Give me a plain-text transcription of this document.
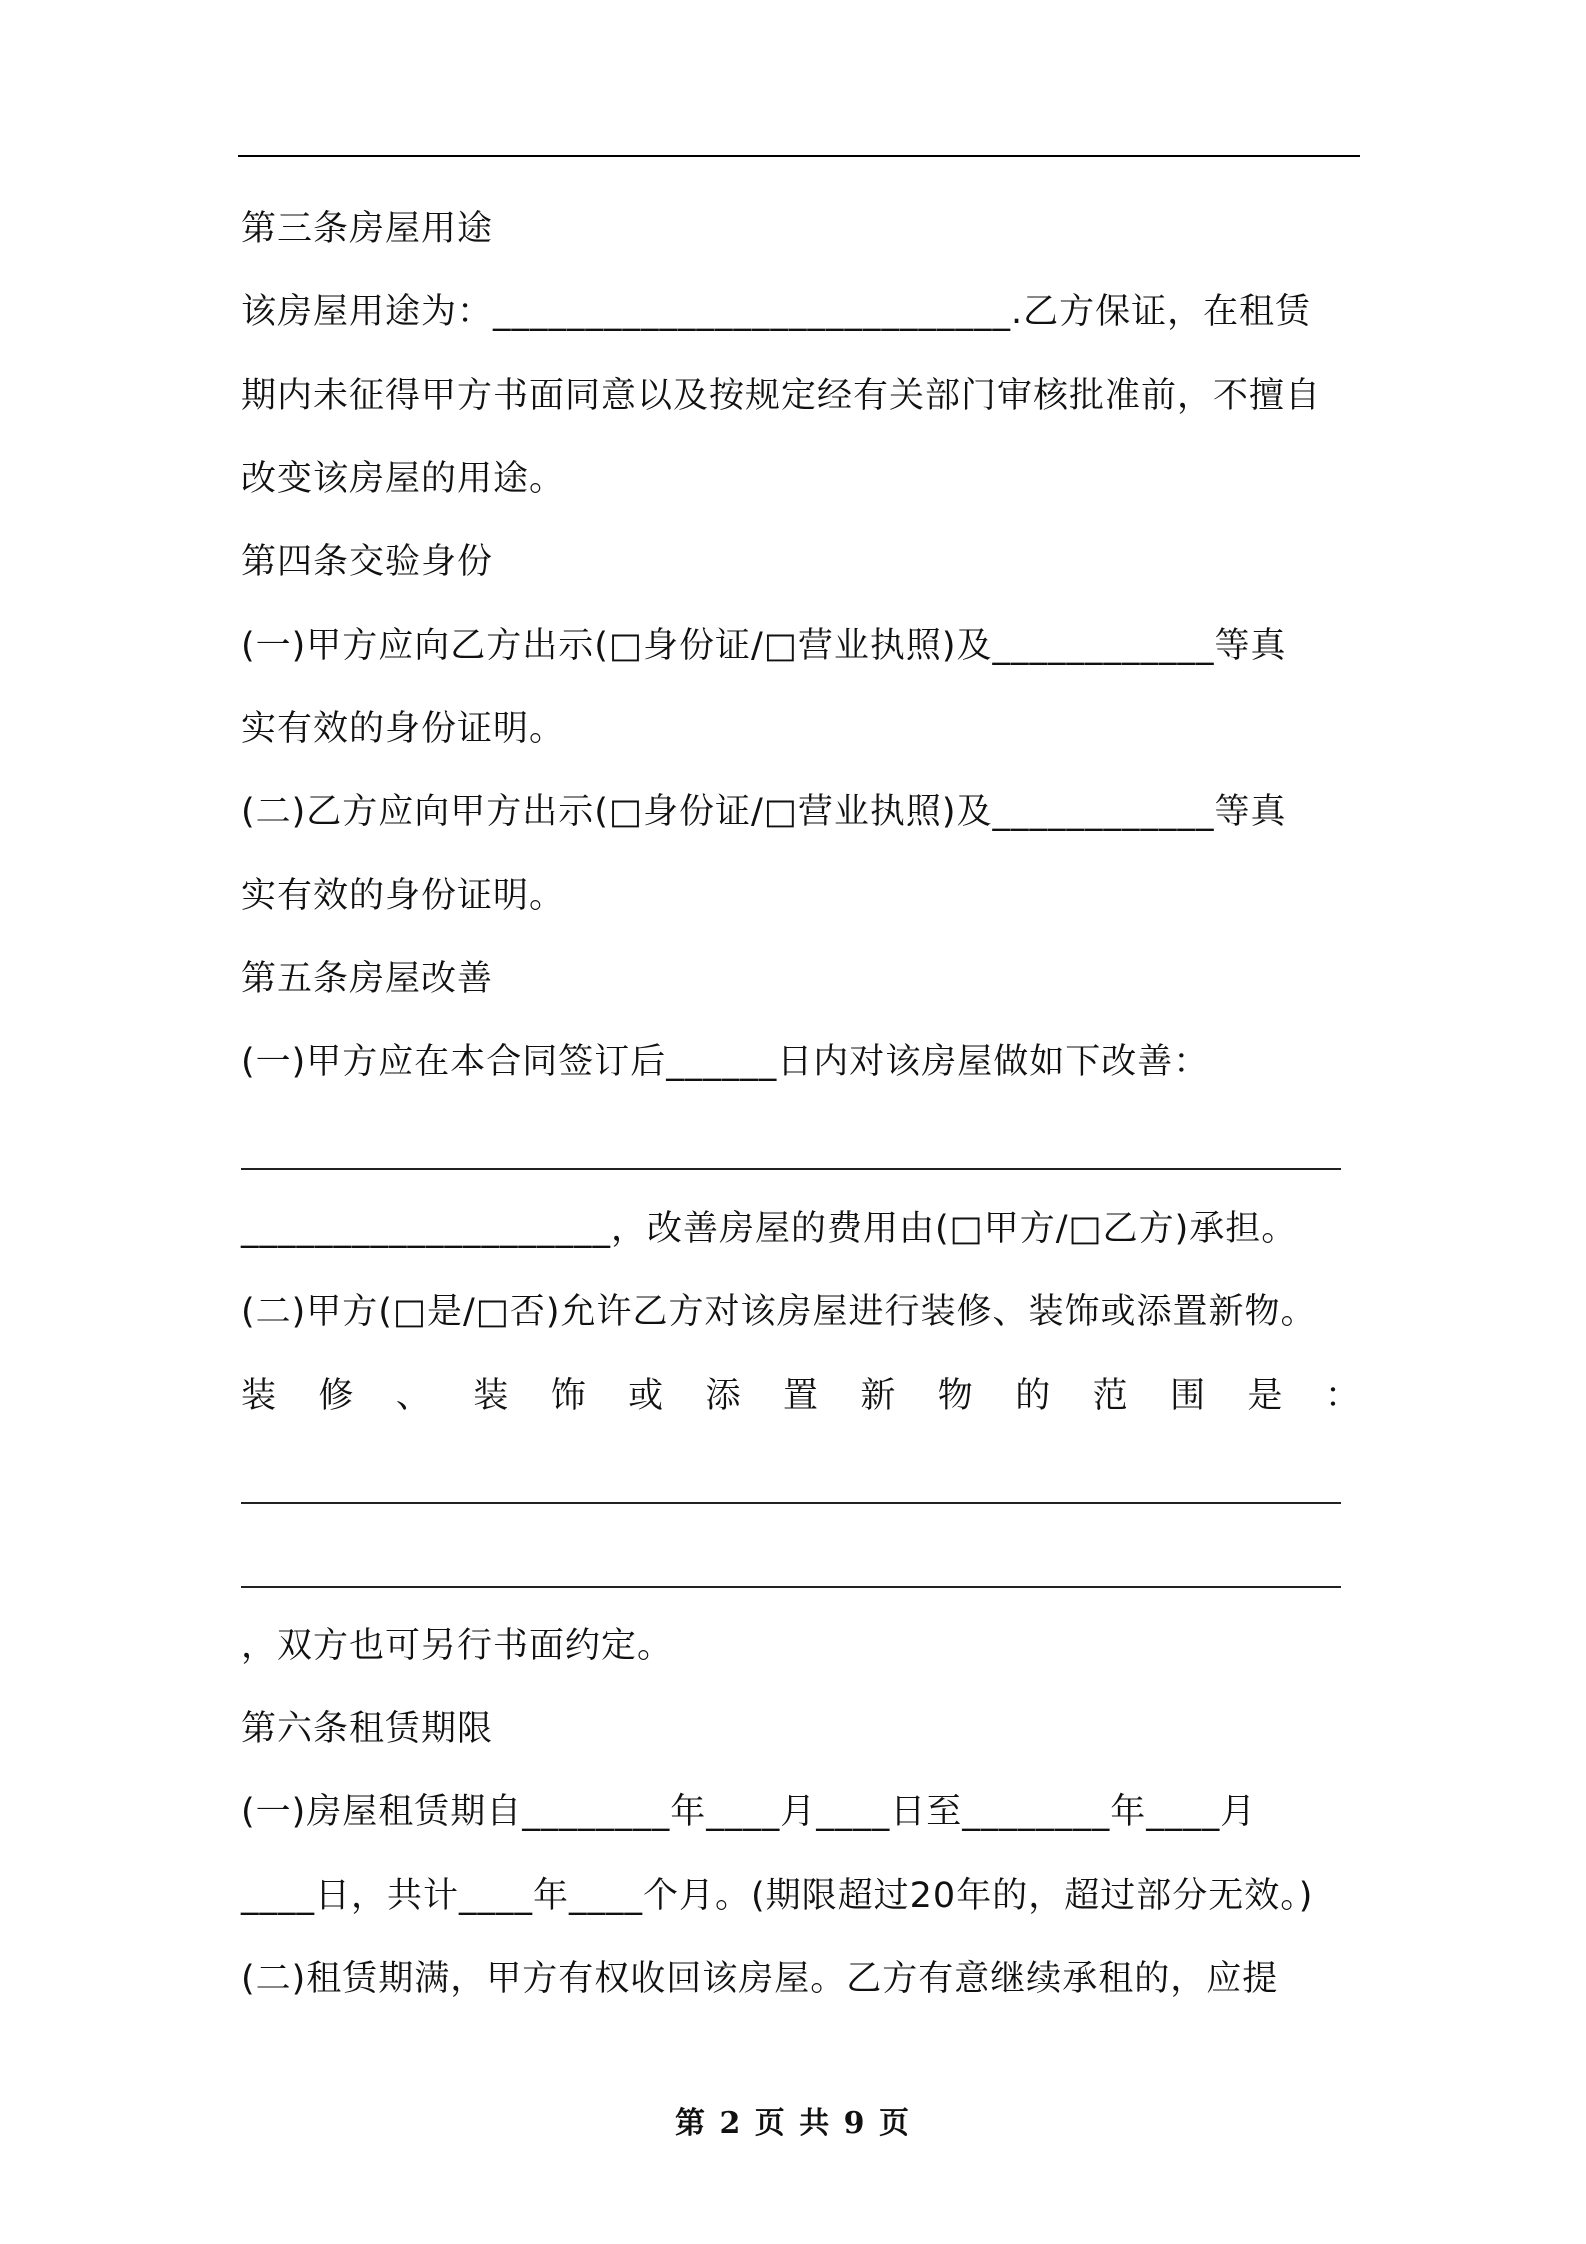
第三条房屋用途
该房屋用途为：____________________________.乙方保证，在租赁
期内未征得甲方书面同意以及按规定经有关部门审核批准前，不擅自
改变该房屋的用途。
第四条交验身份
(一)甲方应向乙方出示(□身份证/□营业执照)及____________等真
实有效的身份证明。
(二)乙方应向甲方出示(□身份证/□营业执照)及____________等真
实有效的身份证明。
第五条房屋改善
(一)甲方应在本合同签订后______日内对该房屋做如下改善：
____________________，改善房屋的费用由(□甲方/□乙方)承担。
(二)甲方(□是/□否)允许乙方对该房屋进行装修、装饰或添置新物。
装 修 、 装 饰 或 添 置 新 物 的 范 围 是 ：
，双方也可另行书面约定。
第六条租赁期限
(一)房屋租赁期自________年____月____日至________年____月
____日，共计____年____个月。(期限超过20年的，超过部分无效。)
(二)租赁期满，甲方有权收回该房屋。乙方有意继续承租的，应提
第 2 页 共 9 页
